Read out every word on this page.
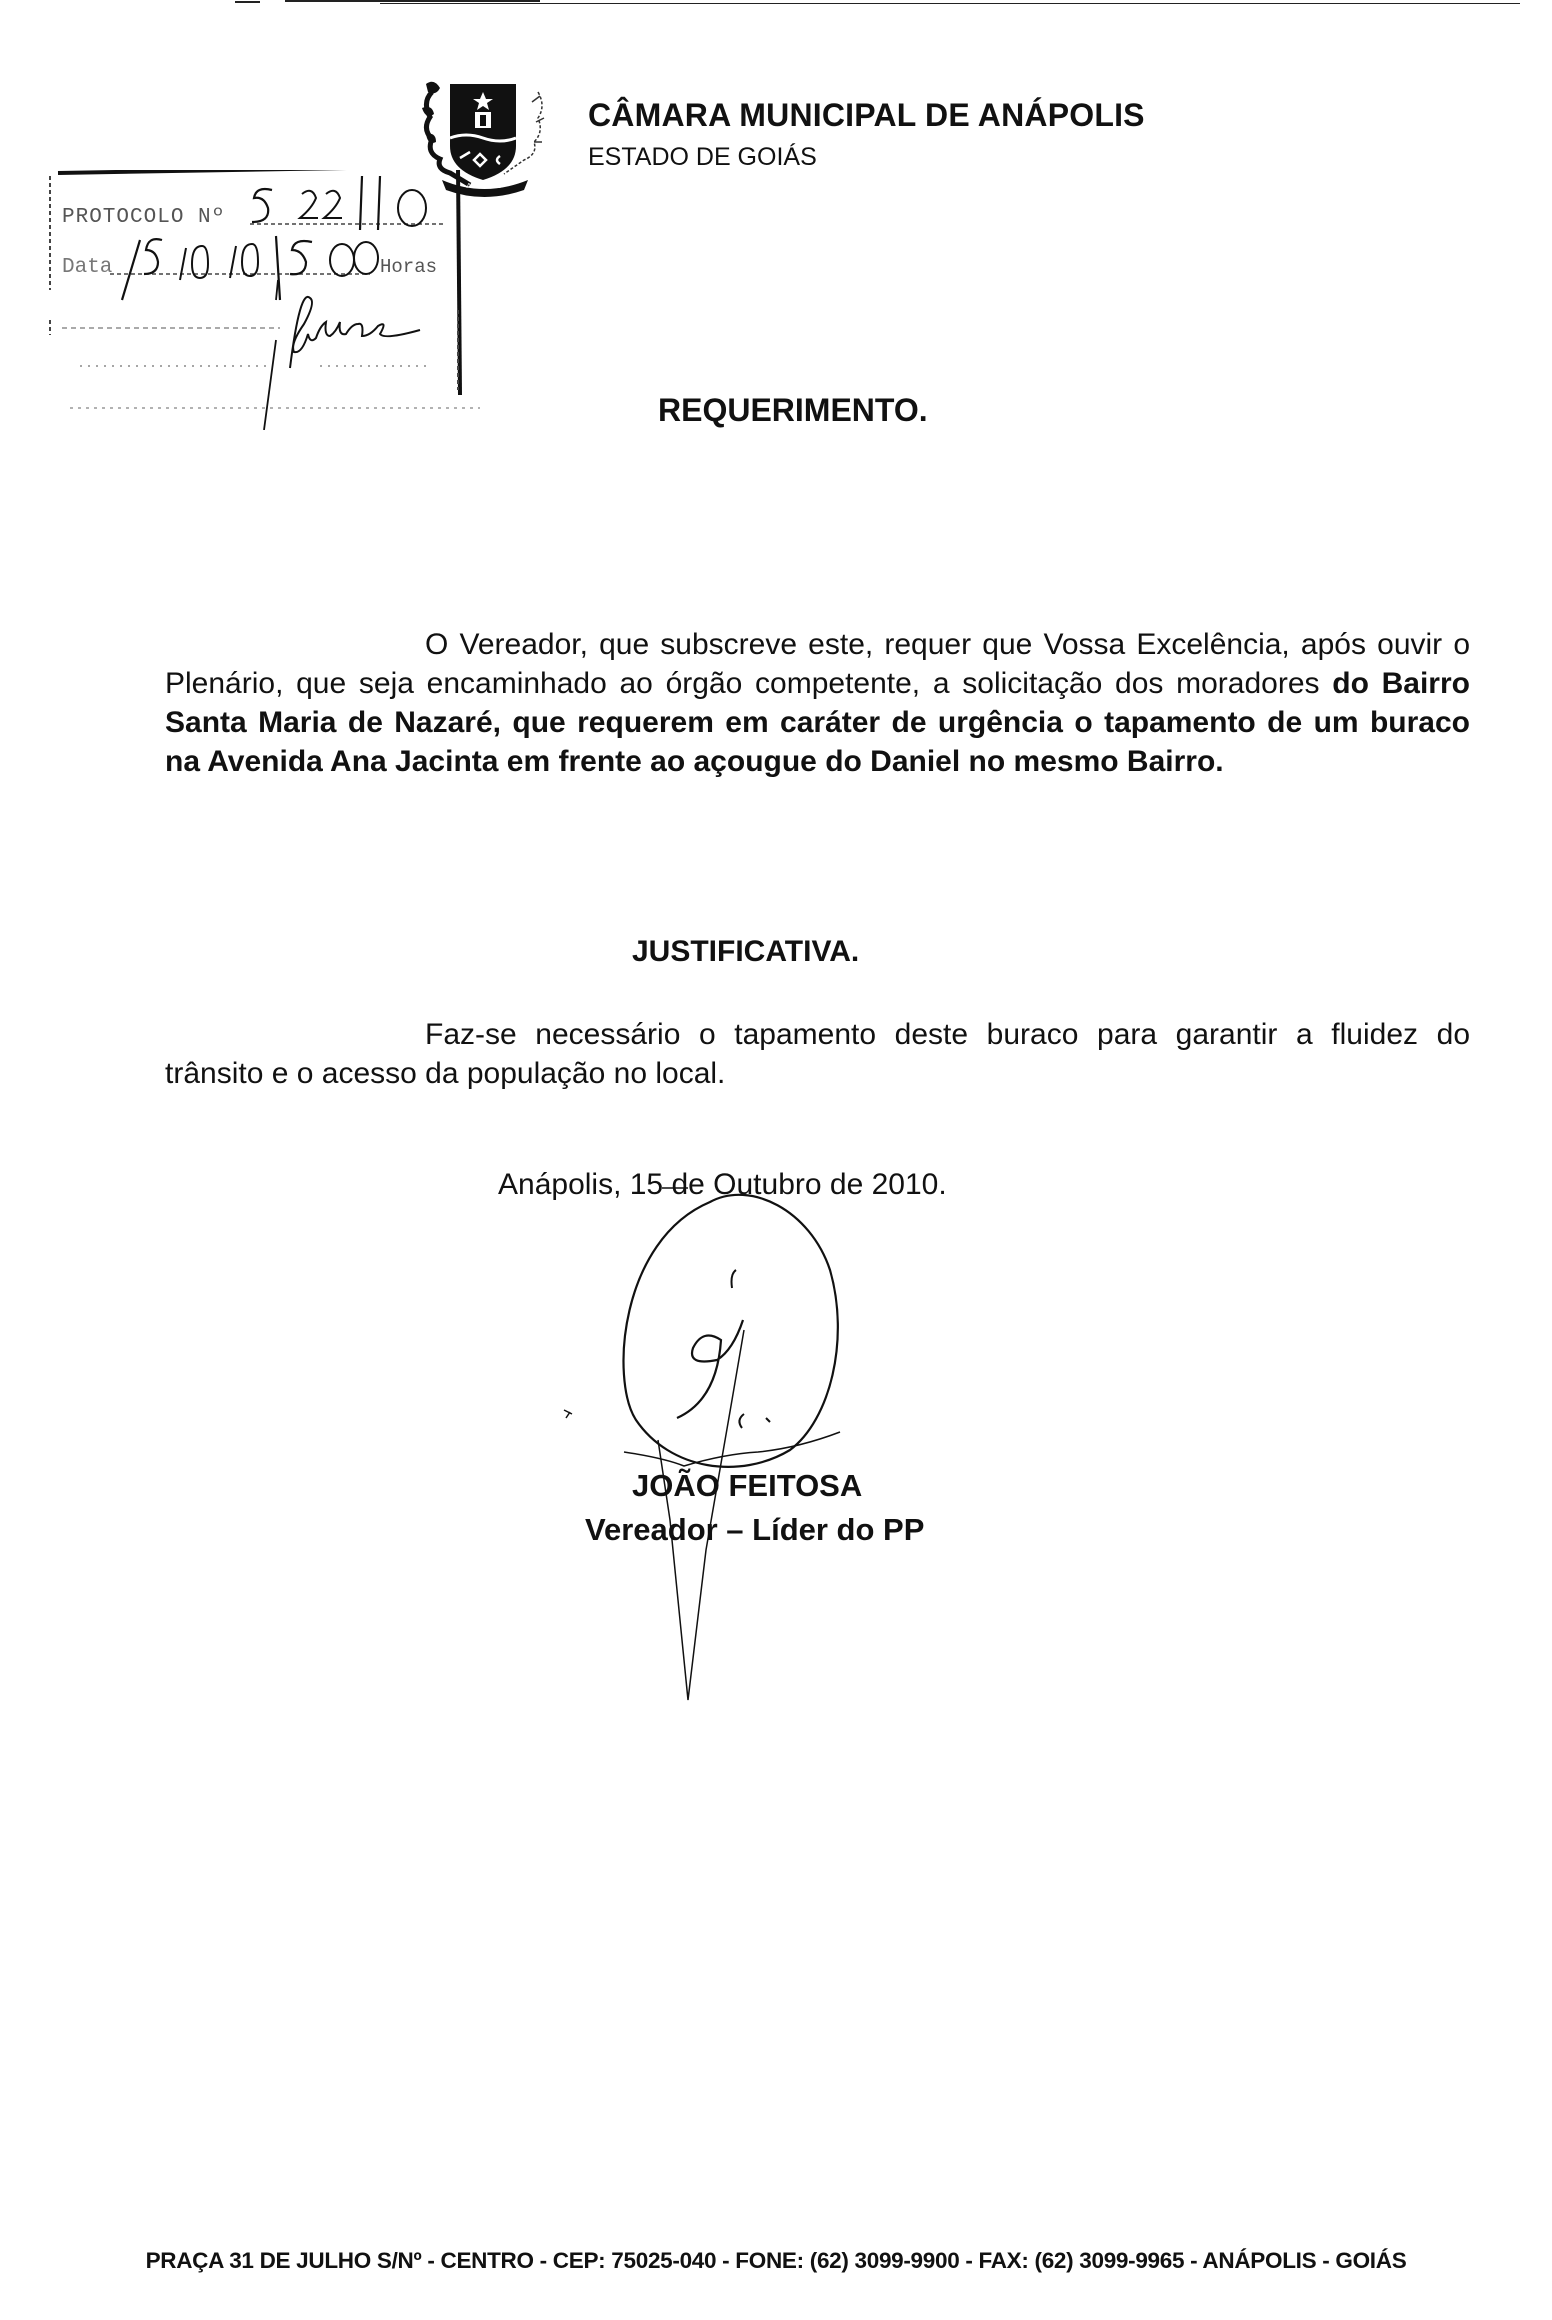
ANÁPOLIS
CÂMARA MUNICIPAL DE ANÁPOLIS
ESTADO DE GOIÁS
PROTOCOLO Nº
Data	Horas
REQUERIMENTO.
O Vereador, que subscreve este, requer que Vossa Excelência, após ouvir o Plenário, que seja encaminhado ao órgão competente, a solicitação dos moradores do Bairro Santa Maria de Nazaré, que requerem em caráter de urgência o tapamento de um buraco na Avenida Ana Jacinta em frente ao açougue do Daniel no mesmo Bairro.
JUSTIFICATIVA.
Faz-se necessário o tapamento deste buraco para garantir a fluidez do trânsito e o acesso da população no local.
Anápolis, 15 de Outubro de 2010.
JOÃO FEITOSA
Vereador – Líder do PP
PRAÇA 31 DE JULHO S/Nº - CENTRO - CEP: 75025-040 - FONE: (62) 3099-9900 - FAX: (62) 3099-9965 - ANÁPOLIS - GOIÁS
